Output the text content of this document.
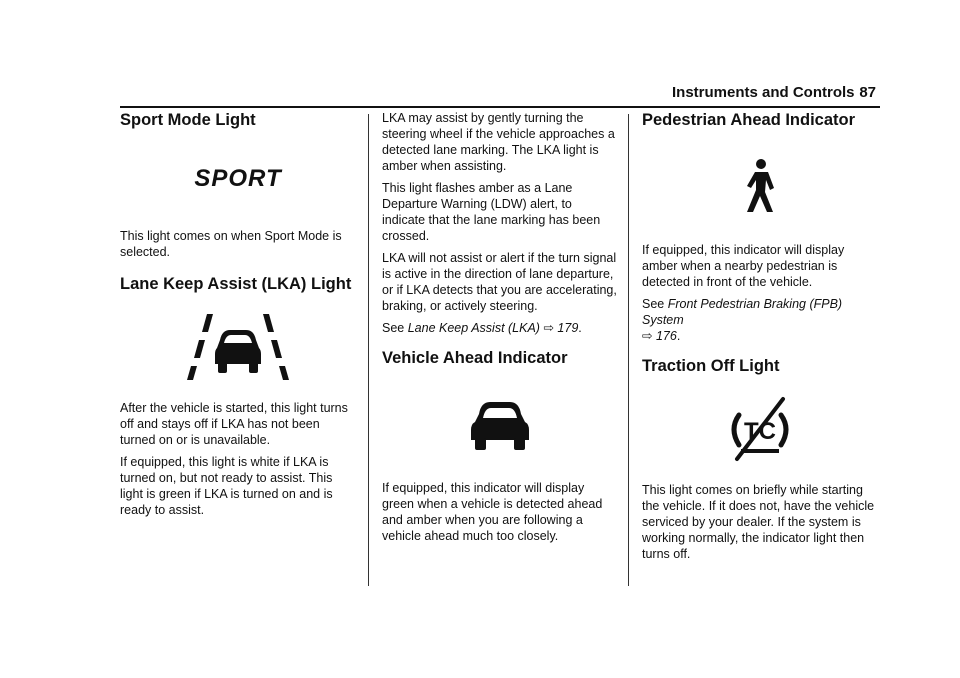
Instruments and Controls 87
Sport Mode Light
SPORT

This light comes on when Sport Mode is selected.

Lane Keep Assist (LKA) Light

After the vehicle is started, this light turns off and stays off if LKA has not been turned on or is unavailable.

If equipped, this light is white if LKA is turned on, but not ready to assist. This light is green if LKA is turned on and is ready to assist.

LKA may assist by gently turning the steering wheel if the vehicle approaches a detected lane marking. The LKA light is amber when assisting.

This light flashes amber as a Lane Departure Warning (LDW) alert, to indicate that the lane marking has been crossed.

LKA will not assist or alert if the turn signal is active in the direction of lane departure, or if LKA detects that you are accelerating, braking, or actively steering.

See Lane Keep Assist (LKA) ⇨ 179.

Vehicle Ahead Indicator

If equipped, this indicator will display green when a vehicle is detected ahead and amber when you are following a vehicle ahead much too closely.

Pedestrian Ahead Indicator

If equipped, this indicator will display amber when a nearby pedestrian is detected in front of the vehicle.

See Front Pedestrian Braking (FPB) System
⇨ 176.

Traction Off Light
TC

This light comes on briefly while starting the vehicle. If it does not, have the vehicle serviced by your dealer. If the system is working normally, the indicator light then turns off.
